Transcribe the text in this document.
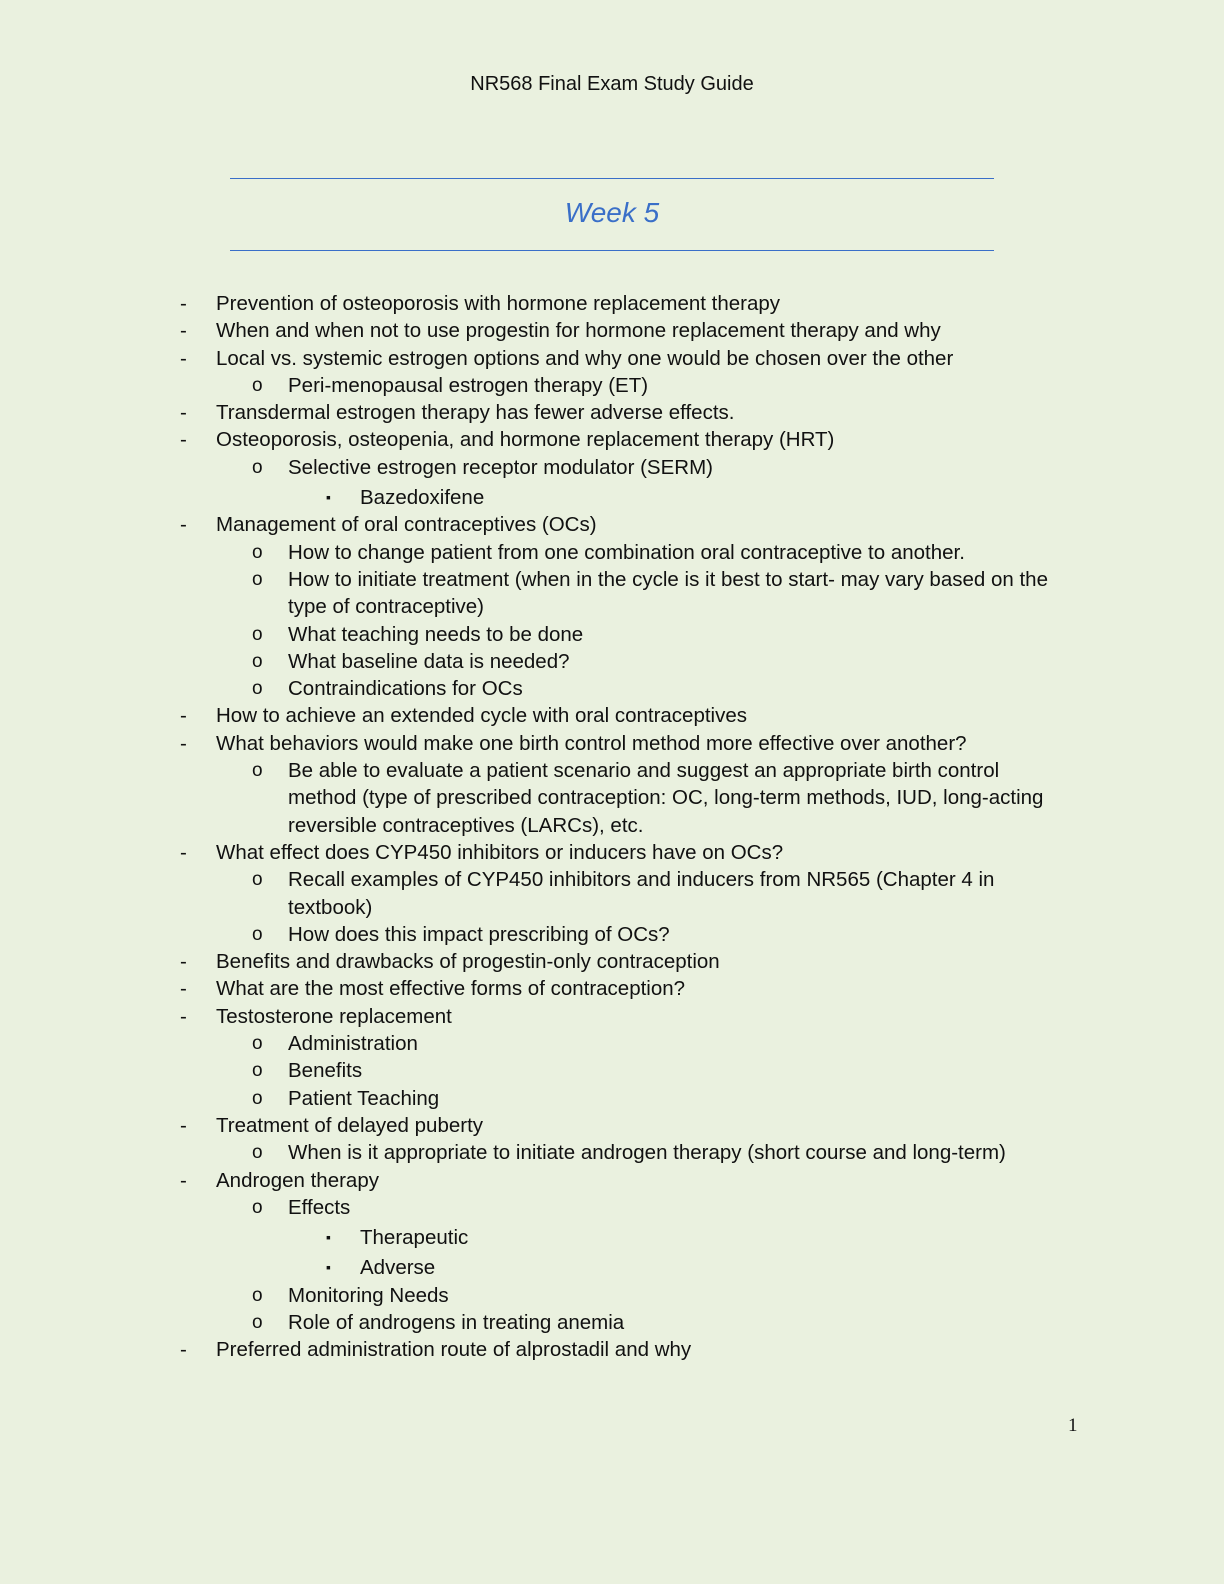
NR568 Final Exam Study Guide
Week 5
- Prevention of osteoporosis with hormone replacement therapy
- When and when not to use progestin for hormone replacement therapy and why
- Local vs. systemic estrogen options and why one would be chosen over the other
o Peri-menopausal estrogen therapy (ET)
- Transdermal estrogen therapy has fewer adverse effects.
- Osteoporosis, osteopenia, and hormone replacement therapy (HRT)
o Selective estrogen receptor modulator (SERM)
▪ Bazedoxifene
- Management of oral contraceptives (OCs)
o How to change patient from one combination oral contraceptive to another.
o How to initiate treatment (when in the cycle is it best to start- may vary based on the type of contraceptive)
o What teaching needs to be done
o What baseline data is needed?
o Contraindications for OCs
- How to achieve an extended cycle with oral contraceptives
- What behaviors would make one birth control method more effective over another?
o Be able to evaluate a patient scenario and suggest an appropriate birth control method (type of prescribed contraception: OC, long-term methods, IUD, long-acting reversible contraceptives (LARCs), etc.
- What effect does CYP450 inhibitors or inducers have on OCs?
o Recall examples of CYP450 inhibitors and inducers from NR565 (Chapter 4 in textbook)
o How does this impact prescribing of OCs?
- Benefits and drawbacks of progestin-only contraception
- What are the most effective forms of contraception?
- Testosterone replacement
o Administration
o Benefits
o Patient Teaching
- Treatment of delayed puberty
o When is it appropriate to initiate androgen therapy (short course and long-term)
- Androgen therapy
o Effects
▪ Therapeutic
▪ Adverse
o Monitoring Needs
o Role of androgens in treating anemia
- Preferred administration route of alprostadil and why
1
